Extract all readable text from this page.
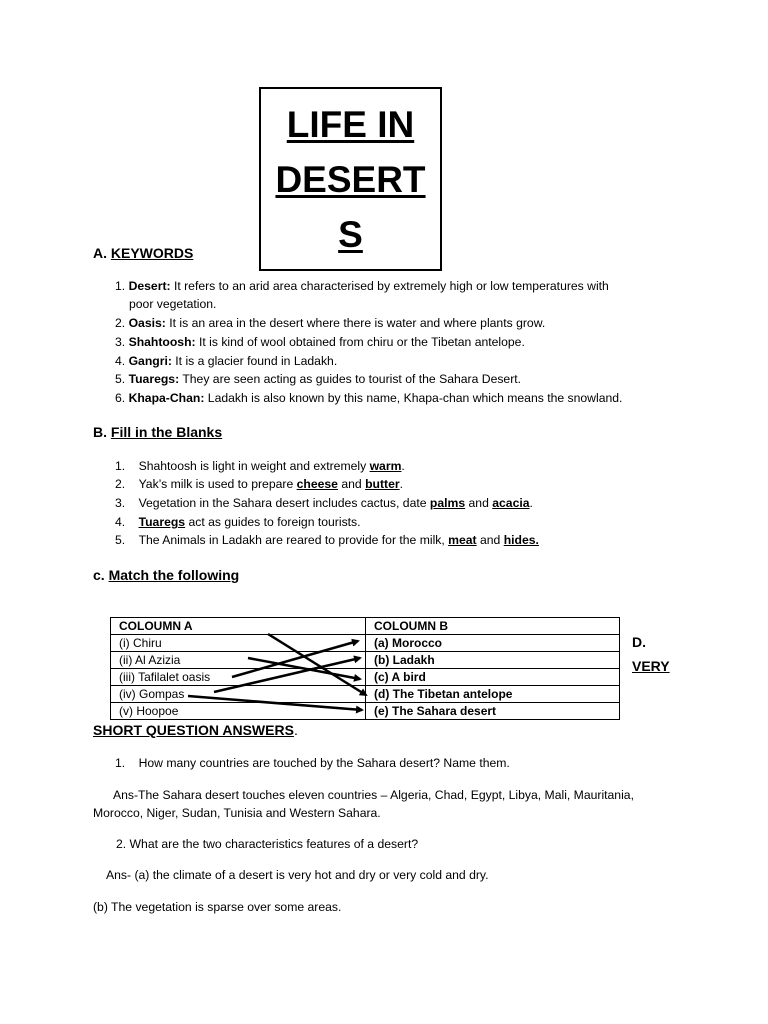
LIFE IN
DESERT
S
A. KEYWORDS
1. Desert: It refers to an arid area characterised by extremely high or low temperatures with
poor vegetation.
2. Oasis: It is an area in the desert where there is water and where plants grow.
3. Shahtoosh: It is kind of wool obtained from chiru or the Tibetan antelope.
4. Gangri: It is a glacier found in Ladakh.
5. Tuaregs: They are seen acting as guides to tourist of the Sahara Desert.
6. Khapa-Chan: Ladakh is also known by this name, Khapa-chan which means the snowland.
B. Fill in the Blanks
1. Shahtoosh is light in weight and extremely warm.
2. Yak’s milk is used to prepare cheese and butter.
3. Vegetation in the Sahara desert includes cactus, date palms and acacia.
4. Tuaregs act as guides to foreign tourists.
5. The Animals in Ladakh are reared to provide for the milk, meat and hides.
c. Match the following
COLOUMN A	COLOUMN B
(i) Chiru	(a) Morocco
(ii) Al Azizia	(b) Ladakh
(iii) Tafilalet oasis	(c) A bird
(iv) Gompas	(d) The Tibetan antelope
(v) Hoopoe	(e) The Sahara desert
D.
VERY
SHORT QUESTION ANSWERS.
1. How many countries are touched by the Sahara desert? Name them.
Ans-The Sahara desert touches eleven countries – Algeria, Chad, Egypt, Libya, Mali, Mauritania,
Morocco, Niger, Sudan, Tunisia and Western Sahara.
2. What are the two characteristics features of a desert?
Ans- (a) the climate of a desert is very hot and dry or very cold and dry.
(b) The vegetation is sparse over some areas.
